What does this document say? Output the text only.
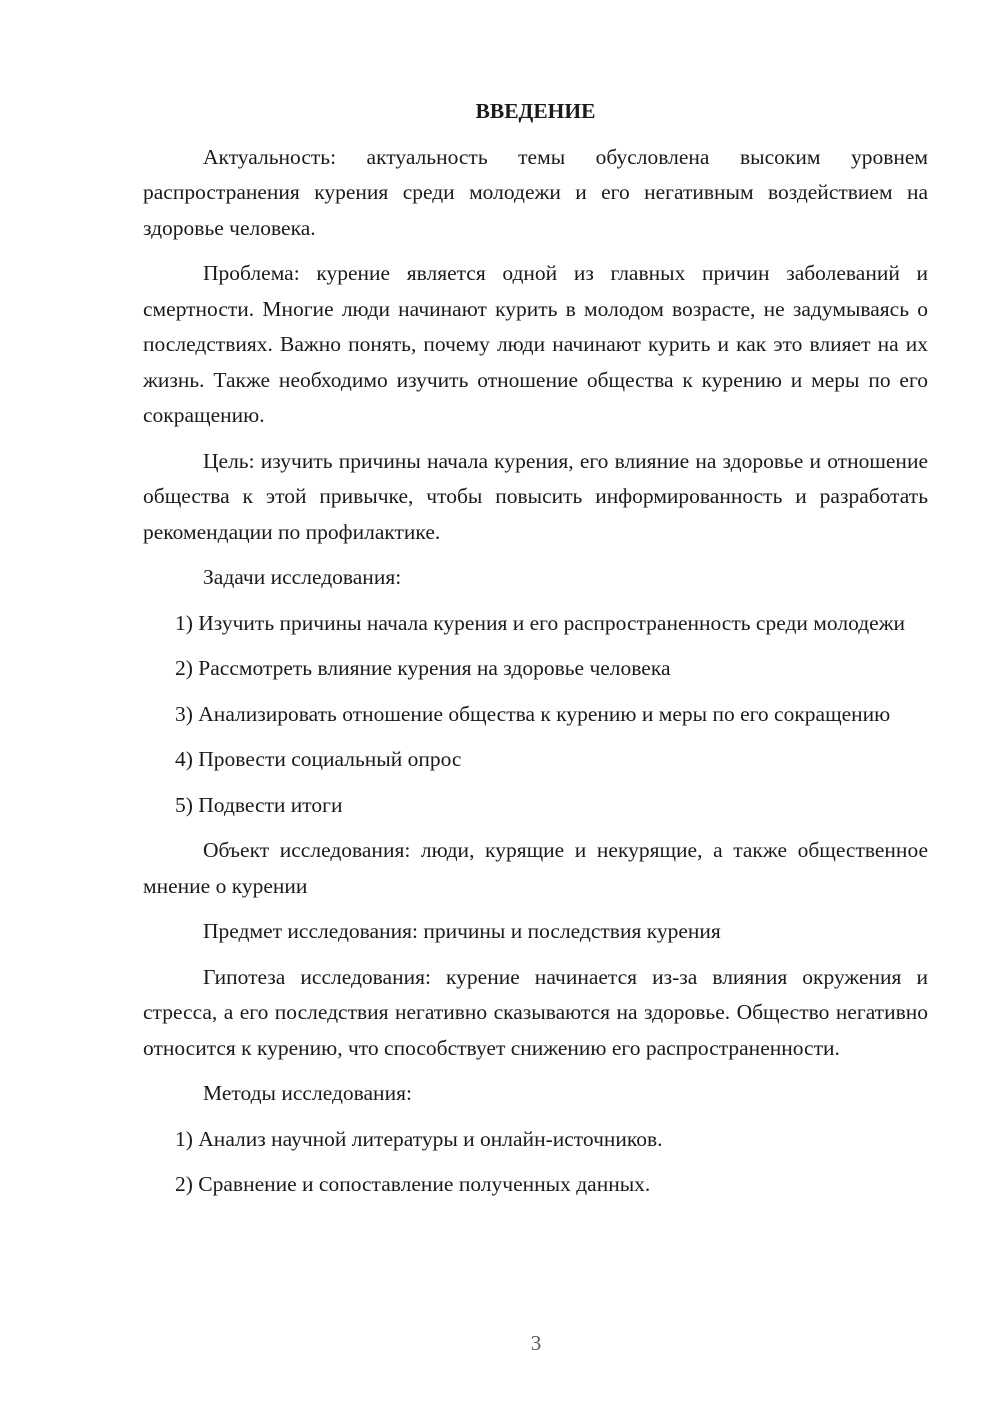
ВВЕДЕНИЕ

Актуальность: актуальность темы обусловлена высоким уровнем распространения курения среди молодежи и его негативным воздействием на здоровье человека.

Проблема: курение является одной из главных причин заболеваний и смертности. Многие люди начинают курить в молодом возрасте, не задумываясь о последствиях. Важно понять, почему люди начинают курить и как это влияет на их жизнь. Также необходимо изучить отношение общества к курению и меры по его сокращению.

Цель: изучить причины начала курения, его влияние на здоровье и отношение общества к этой привычке, чтобы повысить информированность и разработать рекомендации по профилактике.

Задачи исследования:

1) Изучить причины начала курения и его распространенность среди молодежи

2) Рассмотреть влияние курения на здоровье человека

3) Анализировать отношение общества к курению и меры по его сокращению

4) Провести социальный опрос

5) Подвести итоги

Объект исследования: люди, курящие и некурящие, а также общественное мнение о курении

Предмет исследования: причины и последствия курения

Гипотеза исследования: курение начинается из-за влияния окружения и стресса, а его последствия негативно сказываются на здоровье. Общество негативно относится к курению, что способствует снижению его распространенности.

Методы исследования:

1) Анализ научной литературы и онлайн-источников.

2) Сравнение и сопоставление полученных данных.

3
